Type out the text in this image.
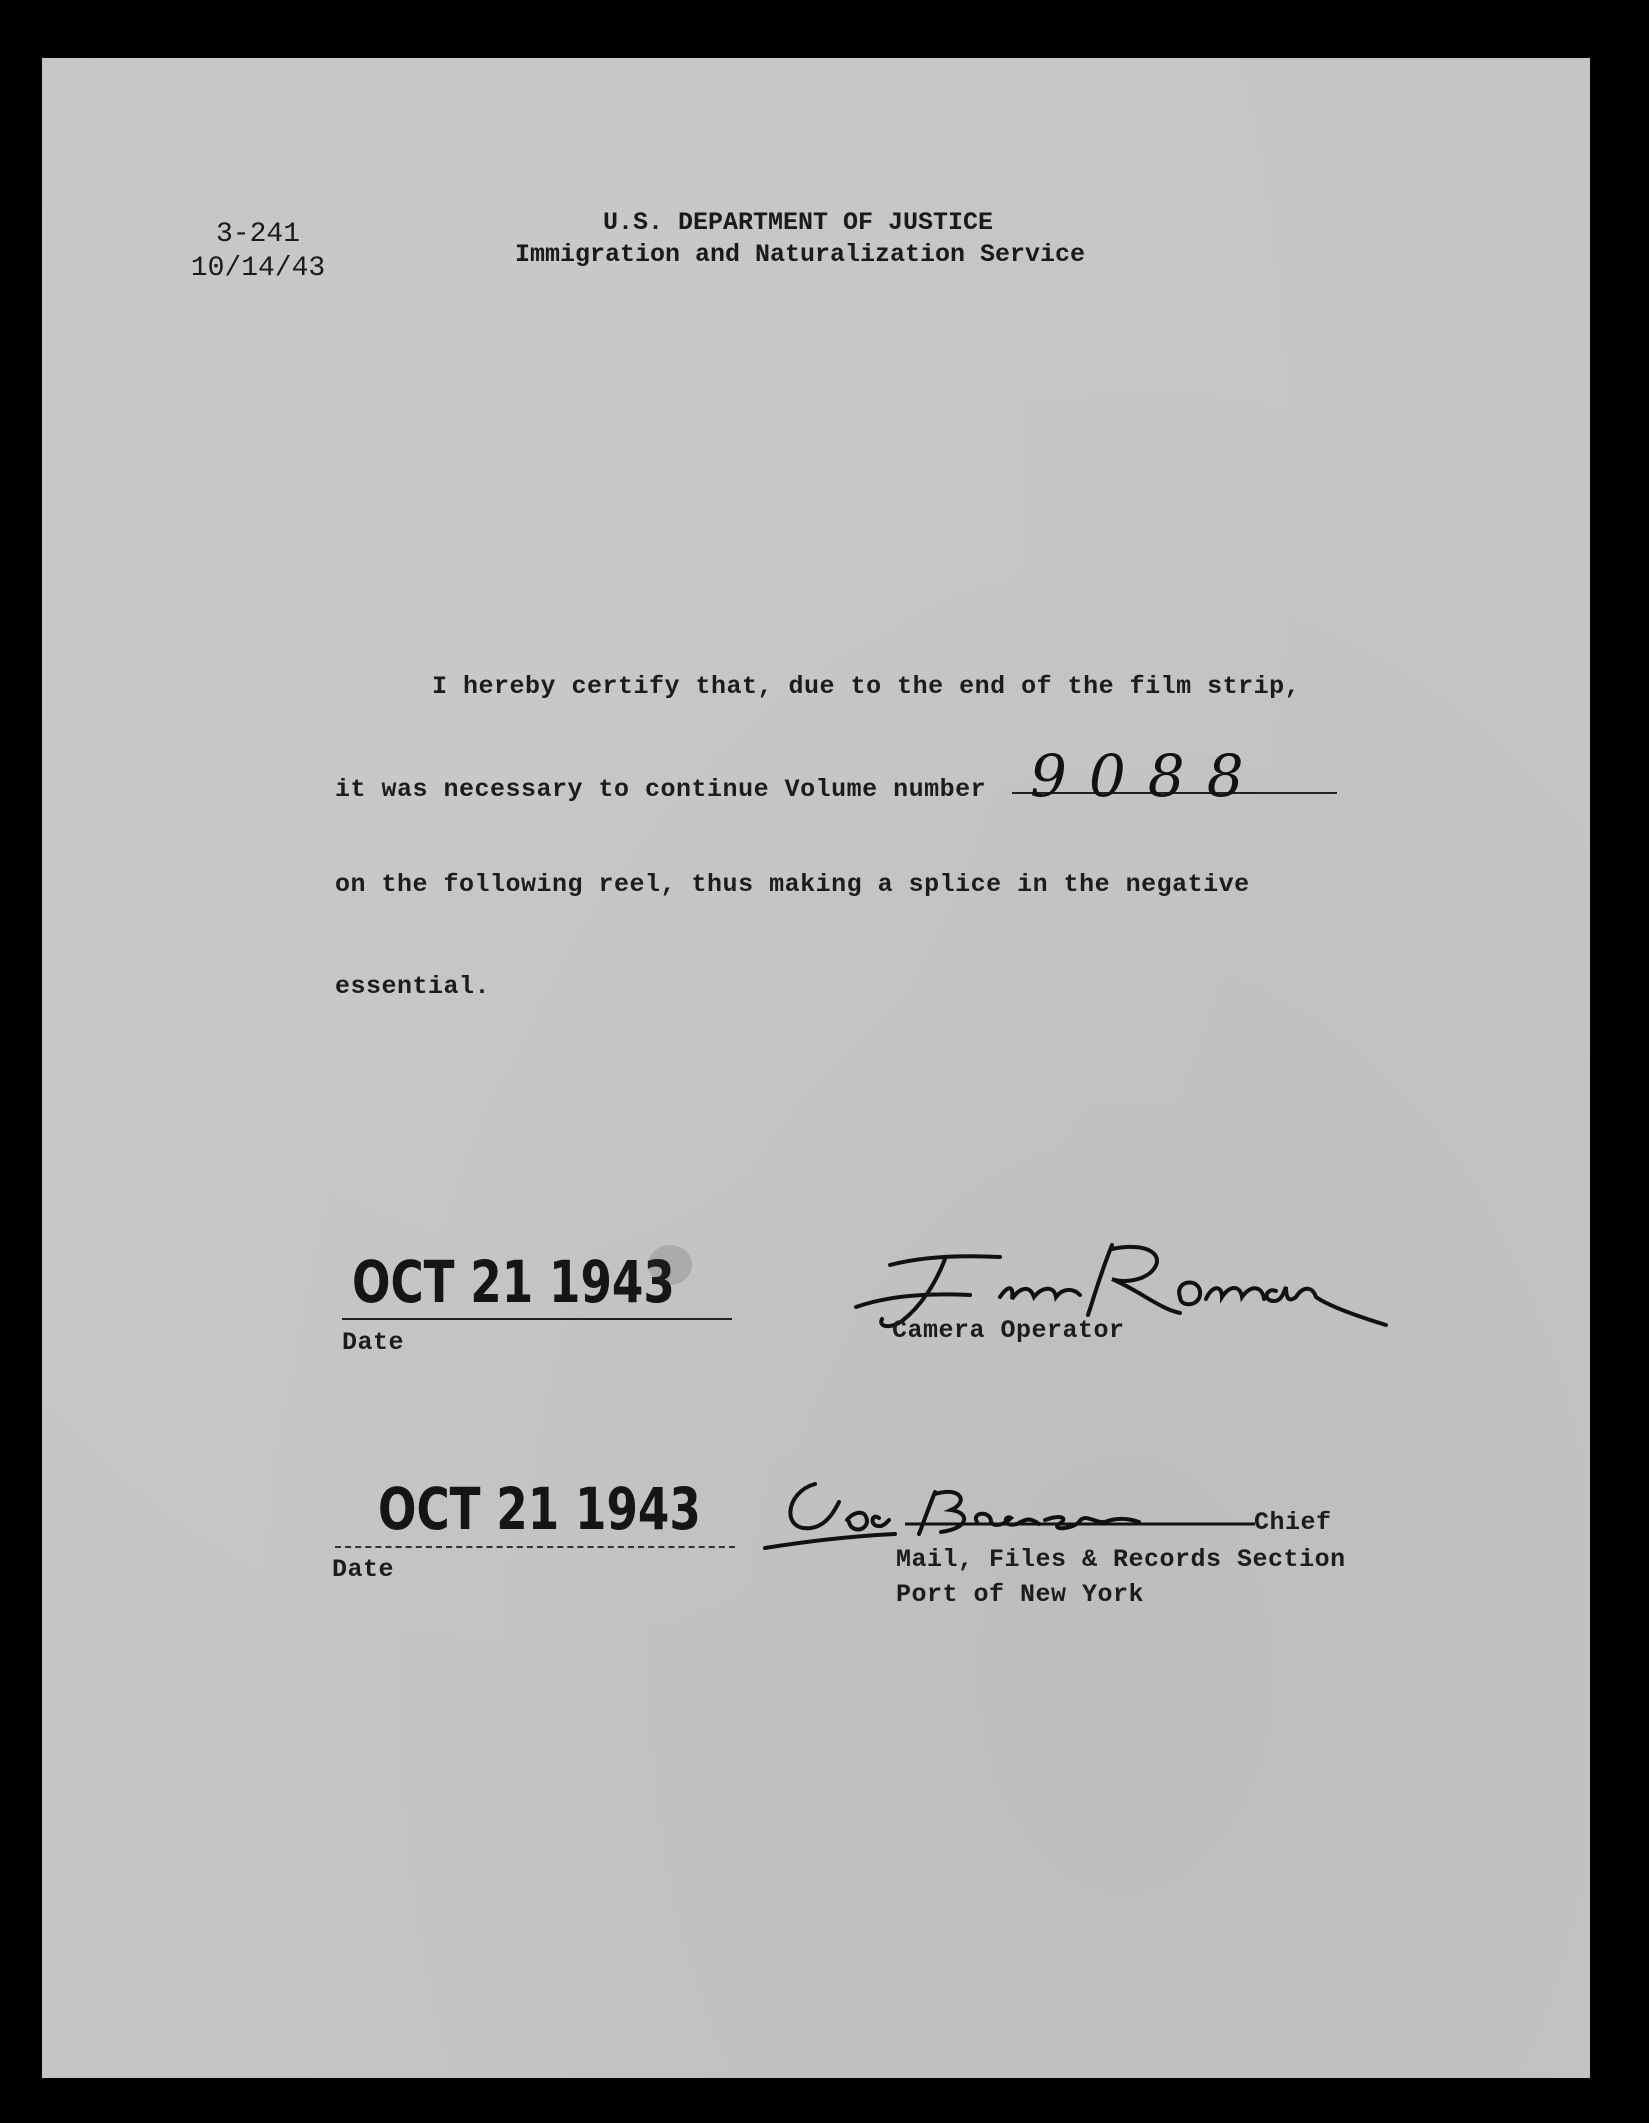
3-241
10/14/43
U.S. DEPARTMENT OF JUSTICE
Immigration and Naturalization Service
I hereby certify that, due to the end of the film strip,
it was necessary to continue Volume number 9088
on the following reel, thus making a splice in the negative
essential.
OCT 21 1943
Date	Camera Operator
OCT 21 1943
Date
Chief
Mail, Files & Records Section
Port of New York
